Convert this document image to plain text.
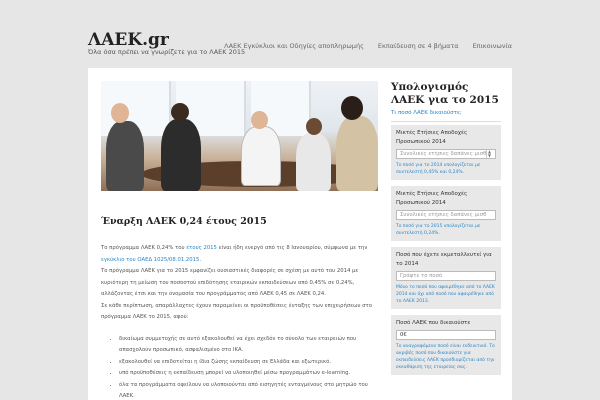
ΛΑΕΚ.gr
Όλα όσα πρέπει να γνωρίζετε για το ΛΑΕΚ 2015
ΛΑΕΚ Εγκύκλιοι και Οδηγίες αποπληρωμής Εκπαίδευση σε 4 βήματα Επικοινωνία
Έναρξη ΛΑΕΚ 0,24 έτους 2015

Το πρόγραμμα ΛΑΕΚ 0,24% του έτους 2015 είναι ήδη ενεργό από τις 8 Ιανουαρίου, σύμφωνα με την εγκύκλιο του ΟΑΕΔ 1025/08.01.2015.

Το πρόγραμμα ΛΑΕΚ για το 2015 εμφανίζει ουσιαστικές διαφορές σε σχέση με αυτό του 2014 με κυριότερη τη μείωση του ποσοστού επιδότησης εταιρικών εκπαιδεύσεων από 0,45% σε 0,24%, αλλάζοντας έτσι και την ονομασία του προγράμματος από ΛΑΕΚ 0,45 σε ΛΑΕΚ 0,24.

Σε κάθε περίπτωση, απαράλλαχτες έχουν παραμείνει οι προϋποθέσεις ένταξης των επιχειρήσεων στο πρόγραμμα ΛΑΕΚ το 2015, αφού:

• δικαίωμα συμμετοχής σε αυτό εξακολουθεί να έχει σχεδόν το σύνολο των εταιρειών που απασχολούν προσωπικό, ασφαλισμένο στο ΙΚΑ.
• εξακολουθεί να επιδοτείται η ίδια ζώσης εκπαίδευση σε Ελλάδα και εξωτερικό.
• υπό προϋποθέσεις η εκπαίδευση μπορεί να υλοποιηθεί μέσω προγραμμάτων e-learning.
• όλα τα προγράμματα οφείλουν να υλοποιούνται από εισηγητές ενταγμένους στο μητρώο του ΛΑΕΚ.
Υπολογισμός ΛΑΕΚ για το 2015
Τι ποσό ΛΑΕΚ δικαιούστε;
Μικτές Ετήσιες Αποδοχές Προσωπικού 2014
Συνολικές ετήσιες δαπάνες μισθ ▲
▼
Το ποσό για το 2014 υπολογίζεται με συντελεστή 0,45% και 0,24%.
Μικτές Ετήσιες Αποδοχές Προσωπικού 2014
Συνολικές ετήσιες δαπάνες μισθ
Το ποσό για το 2015 υπολογίζεται με συντελεστή 0,24%.
Ποσό που έχετε εκμεταλλευτεί για το 2014
Γράψτε το ποσό
Μόνο το ποσό που αφαιρέθηκε από το ΛΑΕΚ 2014 και όχι από ποσό που αφαιρέθηκε από το ΛΑΕΚ 2013.
Ποσό ΛΑΕΚ που δικαιούστε
0€
Το αναγραφόμενο ποσό είναι ενδεικτικό. Το ακριβές ποσό που δικαιούστε για εκπαιδεύσεις ΛΑΕΚ προσδιορίζεται από την εκκαθάριση της εταιρείας σας.
